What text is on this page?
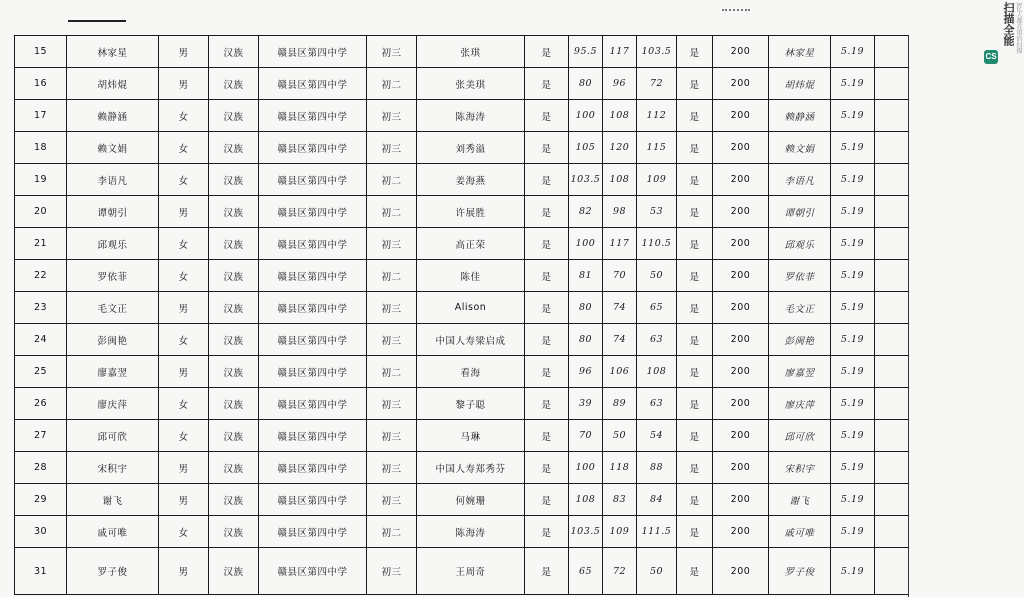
15	林家星	男	汉族	赣县区第四中学	初三	张琪	是	95.5	117	103.5	是	200	林家星	5.19	
16	胡炜焜	男	汉族	赣县区第四中学	初二	张美琪	是	80	96	72	是	200	胡炜焜	5.19	
17	赖静涵	女	汉族	赣县区第四中学	初三	陈海涛	是	100	108	112	是	200	赖静涵	5.19	
18	赖文娟	女	汉族	赣县区第四中学	初三	刘秀溢	是	105	120	115	是	200	赖文娟	5.19	
19	李语凡	女	汉族	赣县区第四中学	初二	姜海燕	是	103.5	108	109	是	200	李语凡	5.19	
20	谭朝引	男	汉族	赣县区第四中学	初二	许展胜	是	82	98	53	是	200	谭朝引	5.19	
21	邱观乐	女	汉族	赣县区第四中学	初三	高正荣	是	100	117	110.5	是	200	邱观乐	5.19	
22	罗依菲	女	汉族	赣县区第四中学	初二	陈佳	是	81	70	50	是	200	罗依菲	5.19	
23	毛文正	男	汉族	赣县区第四中学	初三	Alison	是	80	74	65	是	200	毛文正	5.19	
24	彭闽艳	女	汉族	赣县区第四中学	初三	中国人寿梁启成	是	80	74	63	是	200	彭闽艳	5.19	
25	廖嘉翌	男	汉族	赣县区第四中学	初二	看海	是	96	106	108	是	200	廖嘉翌	5.19	
26	廖庆萍	女	汉族	赣县区第四中学	初三	黎子聪	是	39	89	63	是	200	廖庆萍	5.19	
27	邱可欣	女	汉族	赣县区第四中学	初三	马琳	是	70	50	54	是	200	邱可欣	5.19	
28	宋积宇	男	汉族	赣县区第四中学	初三	中国人寿郑秀芬	是	100	118	88	是	200	宋积宇	5.19	
29	谢飞	男	汉族	赣县区第四中学	初三	何婉珊	是	108	83	84	是	200	谢飞	5.19	
30	戚可唯	女	汉族	赣县区第四中学	初二	陈海涛	是	103.5	109	111.5	是	200	戚可唯	5.19	
31	罗子俊	男	汉族	赣县区第四中学	初三	王周奇	是	65	72	50	是	200	罗子俊	5.19	
CS
扫描全能 3亿人都在用的扫描
